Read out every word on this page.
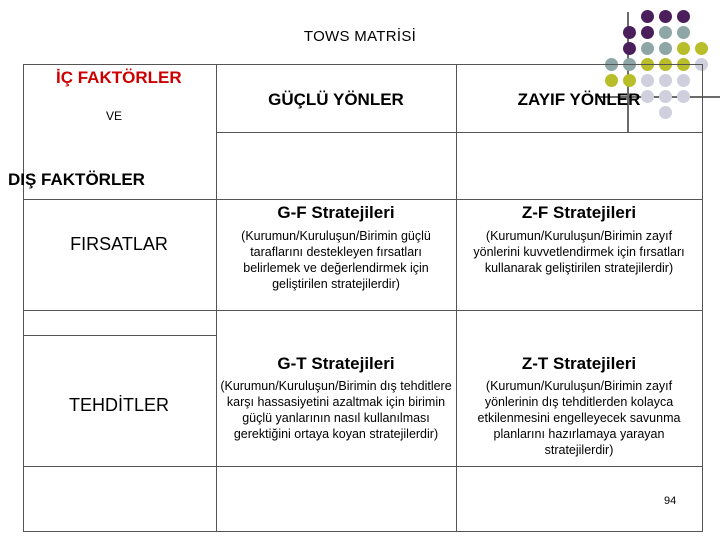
TOWS MATRİSİ
İÇ FAKTÖRLER
VE
DIŞ FAKTÖRLER
GÜÇLÜ YÖNLER	ZAYIF YÖNLER
FIRSATLAR
TEHDİTLER
G-F Stratejileri
(Kurumun/Kuruluşun/Birimin güçlü taraflarını destekleyen fırsatları belirlemek ve değerlendirmek için geliştirilen stratejilerdir)
Z-F Stratejileri
(Kurumun/Kuruluşun/Birimin zayıf yönlerini kuvvetlendirmek için fırsatları kullanarak geliştirilen stratejilerdir)
G-T Stratejileri
(Kurumun/Kuruluşun/Birimin dış tehditlere karşı hassasiyetini azaltmak için birimin güçlü yanlarının nasıl kullanılması gerektiğini ortaya koyan stratejilerdir)
Z-T Stratejileri
(Kurumun/Kuruluşun/Birimin zayıf yönlerinin dış tehditlerden kolayca etkilenmesini engelleyecek savunma planlarını hazırlamaya yarayan stratejilerdir)
94
